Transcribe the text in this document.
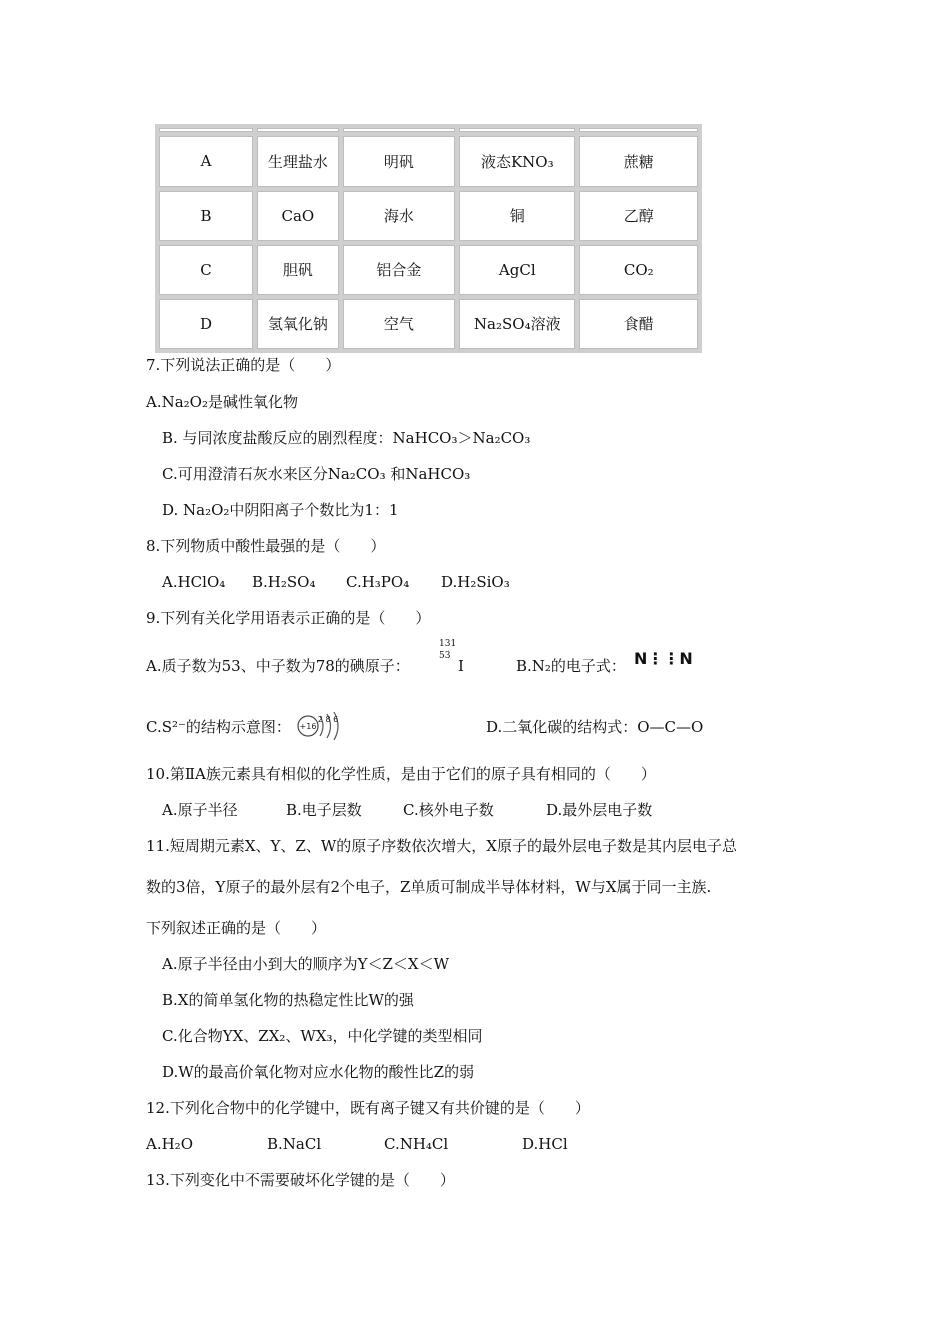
A	生理盐水	明矾	液态KNO₃	蔗糖
B	CaO	海水	铜	乙醇
C	胆矾	铝合金	AgCl	CO₂
D	氢氧化钠	空气	Na₂SO₄溶液	食醋
7.下列说法正确的是（　　）
A.Na₂O₂是碱性氧化物
B. 与同浓度盐酸反应的剧烈程度：NaHCO₃＞Na₂CO₃
C.可用澄清石灰水来区分Na₂CO₃ 和NaHCO₃
D. Na₂O₂中阴阳离子个数比为1：1
8.下列物质中酸性最强的是（　　）
A.HClO₄ B.H₂SO₄ C.H₃PO₄ D.H₂SiO₃
9.下列有关化学用语表示正确的是（　　）
A.质子数为53、中子数为78的碘原子：
131
53
I	B.N₂的电子式： N⋮⋮N
C.S²⁻的结构示意图： +16
2 8 6	D.二氧化碳的结构式：O—C—O
10.第ⅡA族元素具有相似的化学性质，是由于它们的原子具有相同的（　　）
A.原子半径	B.电子层数	C.核外电子数	D.最外层电子数
11.短周期元素X、Y、Z、W的原子序数依次增大，X原子的最外层电子数是其内层电子总
数的3倍，Y原子的最外层有2个电子，Z单质可制成半导体材料，W与X属于同一主族.
下列叙述正确的是（　　）
A.原子半径由小到大的顺序为Y＜Z＜X＜W
B.X的简单氢化物的热稳定性比W的强
C.化合物YX、ZX₂、WX₃，中化学键的类型相同
D.W的最高价氧化物对应水化物的酸性比Z的弱
12.下列化合物中的化学键中，既有离子键又有共价键的是（　　）
A.H₂O	B.NaCl	C.NH₄Cl	D.HCl
13.下列变化中不需要破坏化学键的是（　　）
